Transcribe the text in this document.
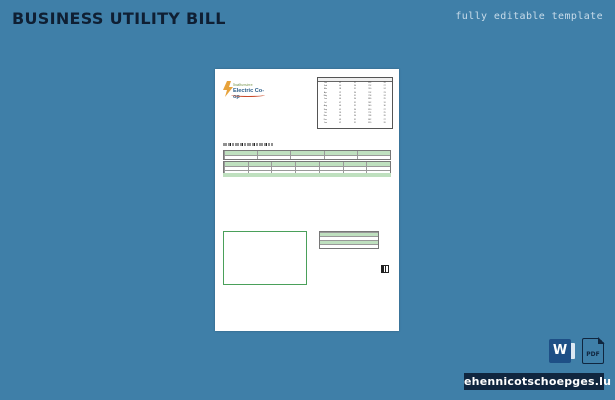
BUSINESS UTILITY BILL	fully editable template
Southwestern
Electric Co-op
Jan	42	31	816	28
Feb	40	30	792	27
Mar	38	31	740	24
Apr	37	30	702	23
May	39	31	758	24
Jun	44	30	880	29
Jul	47	31	962	31
Aug	46	31	940	30
Sep	41	30	810	27
Oct	39	31	774	25
Nov	40	30	788	26
Dec	43	31	842	27
Jan	42	31	820	26
W	PDF
ehennicotschoepges.lu
